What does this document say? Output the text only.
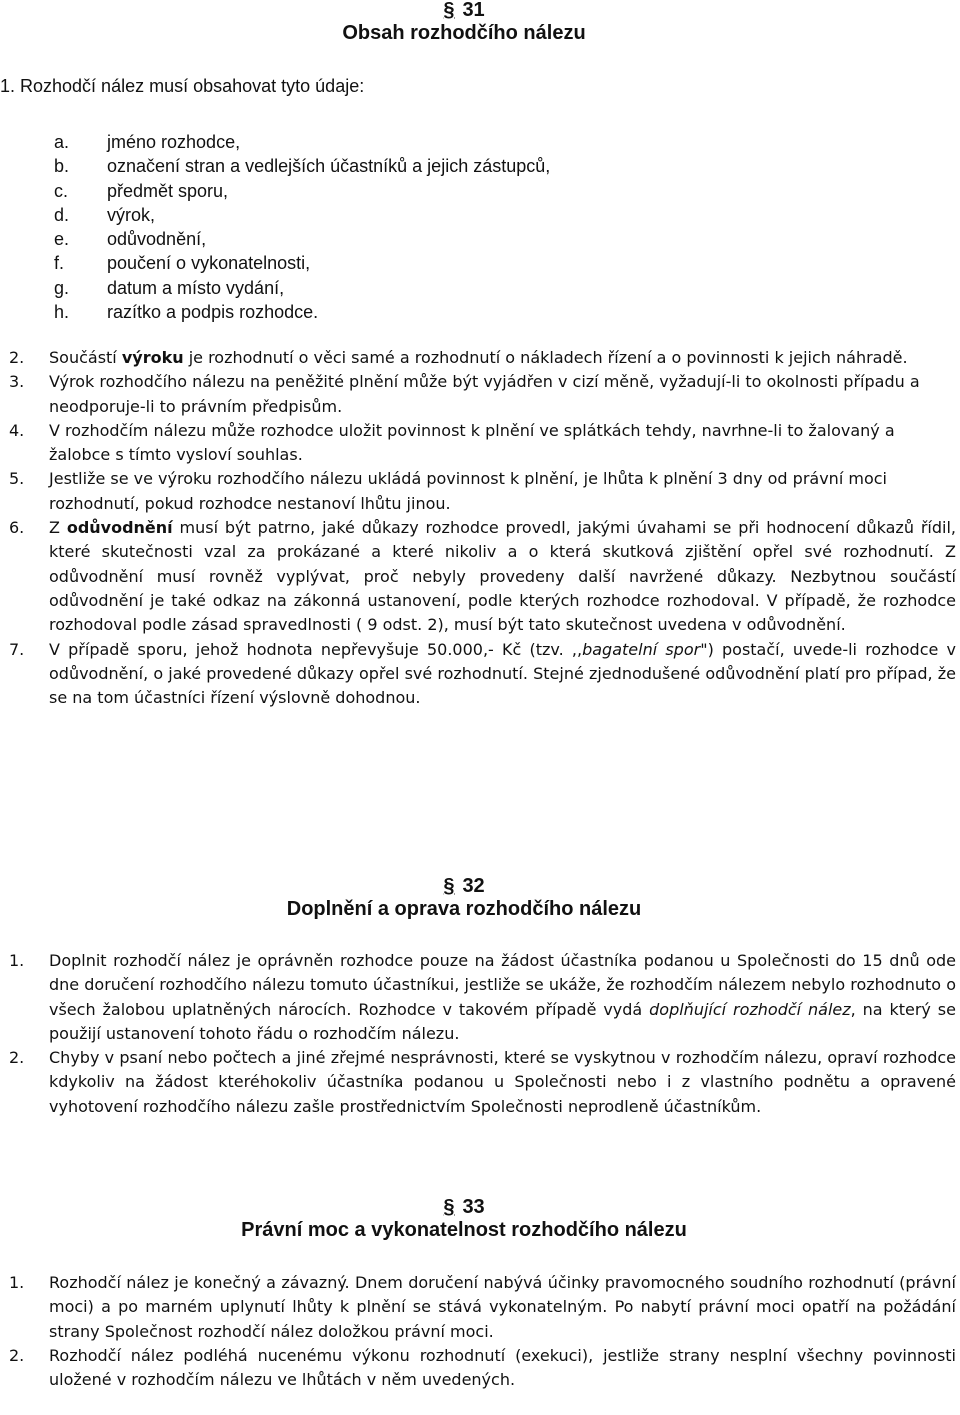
§ 31
Obsah rozhodčího nálezu
1. Rozhodčí nález musí obsahovat tyto údaje:
a. jméno rozhodce,
b. označení stran a vedlejších účastníků a jejich zástupců,
c. předmět sporu,
d. výrok,
e. odůvodnění,
f. poučení o vykonatelnosti,
g. datum a místo vydání,
h. razítko a podpis rozhodce.
2. Součástí výroku je rozhodnutí o věci samé a rozhodnutí o nákladech řízení a o povinnosti k jejich náhradě.
3. Výrok rozhodčího nálezu na peněžité plnění může být vyjádřen v cizí měně, vyžadují-li to okolnosti případu a neodporuje-li to právním předpisům.
4. V rozhodčím nálezu může rozhodce uložit povinnost k plnění ve splátkách tehdy, navrhne-li to žalovaný a žalobce s tímto vysloví souhlas.
5. Jestliže se ve výroku rozhodčího nálezu ukládá povinnost k plnění, je lhůta k plnění 3 dny od právní moci rozhodnutí, pokud rozhodce nestanoví lhůtu jinou.
6. Z odůvodnění musí být patrno, jaké důkazy rozhodce provedl, jakými úvahami se při hodnocení důkazů řídil, které skutečnosti vzal za prokázané a které nikoliv a o která skutková zjištění opřel své rozhodnutí. Z odůvodnění musí rovněž vyplývat, proč nebyly provedeny další navržené důkazy. Nezbytnou součástí odůvodnění je také odkaz na zákonná ustanovení, podle kterých rozhodce rozhodoval. V případě, že rozhodce rozhodoval podle zásad spravedlnosti ( 9 odst. 2), musí být tato skutečnost uvedena v odůvodnění.
7. V případě sporu, jehož hodnota nepřevyšuje 50.000,- Kč (tzv. ,,bagatelní spor") postačí, uvede-li rozhodce v odůvodnění, o jaké provedené důkazy opřel své rozhodnutí. Stejné zjednodušené odůvodnění platí pro případ, že se na tom účastníci řízení výslovně dohodnou.
§ 32
Doplnění a oprava rozhodčího nálezu
1. Doplnit rozhodčí nález je oprávněn rozhodce pouze na žádost účastníka podanou u Společnosti do 15 dnů ode dne doručení rozhodčího nálezu tomuto účastníkui, jestliže se ukáže, že rozhodčím nálezem nebylo rozhodnuto o všech žalobou uplatněných nárocích. Rozhodce v takovém případě vydá doplňující rozhodčí nález, na který se použijí ustanovení tohoto řádu o rozhodčím nálezu.
2. Chyby v psaní nebo počtech a jiné zřejmé nesprávnosti, které se vyskytnou v rozhodčím nálezu, opraví rozhodce kdykoliv na žádost kteréhokoliv účastníka podanou u Společnosti nebo i z vlastního podnětu a opravené vyhotovení rozhodčího nálezu zašle prostřednictvím Společnosti neprodleně účastníkům.
§ 33
Právní moc a vykonatelnost rozhodčího nálezu
1. Rozhodčí nález je konečný a závazný. Dnem doručení nabývá účinky pravomocného soudního rozhodnutí (právní moci) a po marném uplynutí lhůty k plnění se stává vykonatelným. Po nabytí právní moci opatří na požádání strany Společnost rozhodčí nález doložkou právní moci.
2. Rozhodčí nález podléhá nucenému výkonu rozhodnutí (exekuci), jestliže strany nesplní všechny povinnosti uložené v rozhodčím nálezu ve lhůtách v něm uvedených.
